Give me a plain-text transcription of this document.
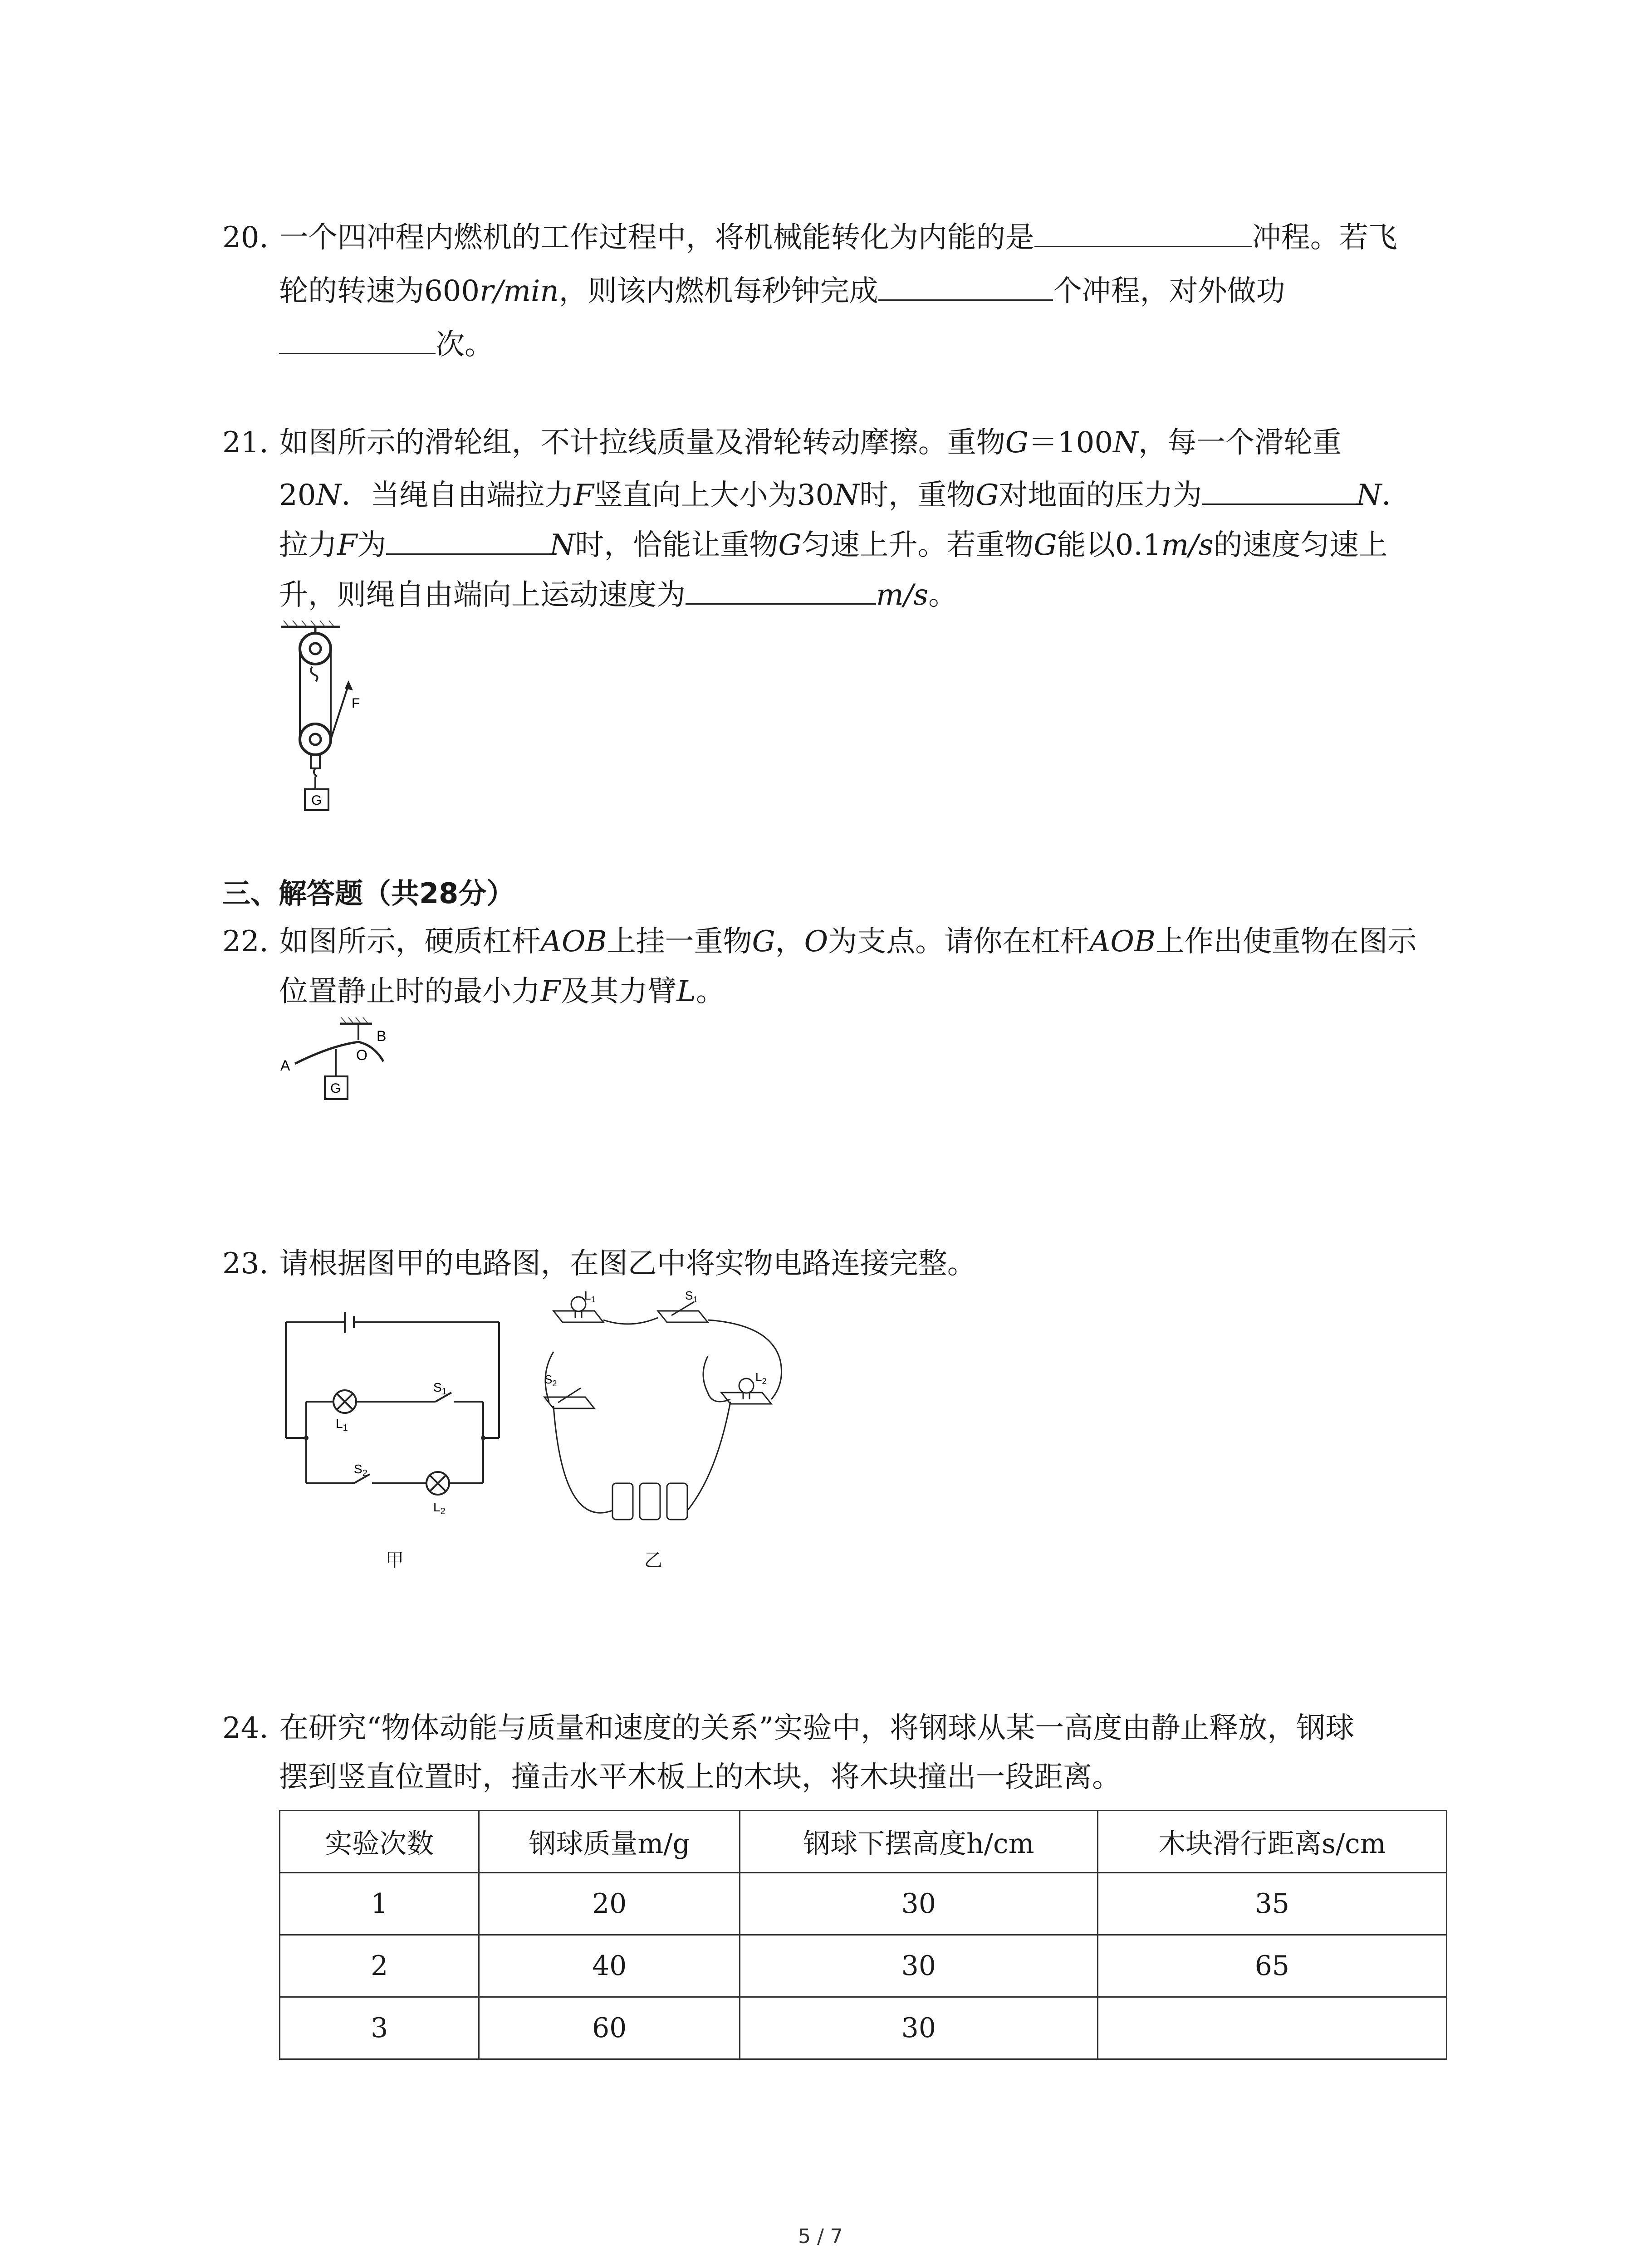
20. 一个四冲程内燃机的工作过程中，将机械能转化为内能的是	冲程。若飞
轮的转速为600r/min，则该内燃机每秒钟完成	个冲程，对外做功
次。
21. 如图所示的滑轮组，不计拉线质量及滑轮转动摩擦。重物G＝100N，每一个滑轮重
20N．当绳自由端拉力F竖直向上大小为30N时，重物G对地面的压力为	N．
拉力F为	N时，恰能让重物G匀速上升。若重物G能以0.1m/s的速度匀速上
升，则绳自由端向上运动速度为	m/s。
F
G
三、解答题（共28分）
22. 如图所示，硬质杠杆AOB上挂一重物G，O为支点。请你在杠杆AOB上作出使重物在图示
位置静止时的最小力F及其力臂L。
A
O
B
G
23. 请根据图甲的电路图，在图乙中将实物电路连接完整。
$L_1$
$S_1$
$S_2$
$L_2$
甲
$L_1$	$S_1$
$S_2$	$L_2$
乙
24. 在研究“物体动能与质量和速度的关系”实验中，将钢球从某一高度由静止释放，钢球
摆到竖直位置时，撞击水平木板上的木块，将木块撞出一段距离。
实验次数	钢球质量m/g	钢球下摆高度h/cm	木块滑行距离s/cm
1	20	30	35
2	40	30	65
3	60	30	
5 / 7
